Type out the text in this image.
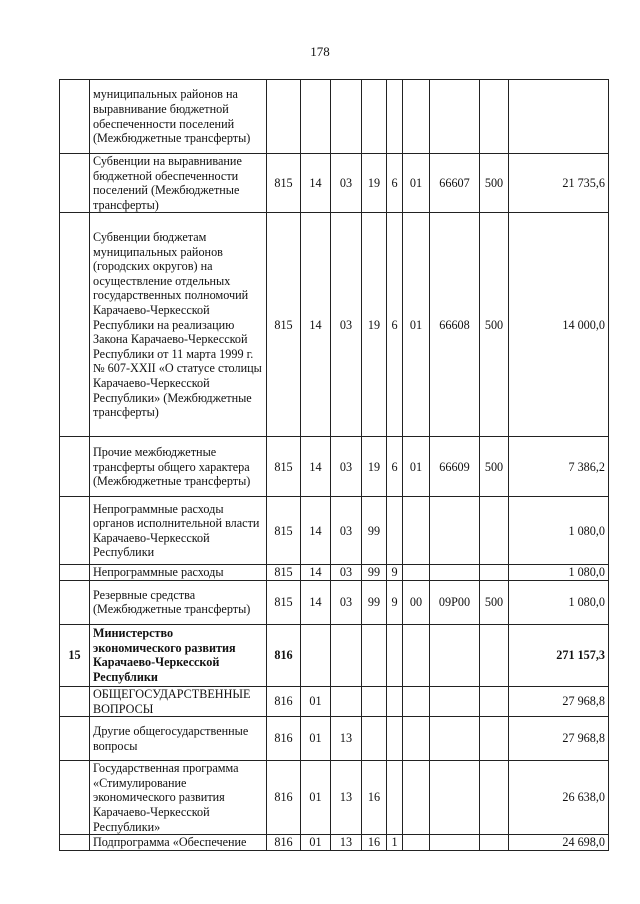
178
	муниципальных районов на выравнивание бюджетной обеспеченности поселений (Межбюджетные трансферты)									
	Субвенции на выравнивание бюджетной обеспеченности поселений (Межбюджетные трансферты)	815	14	03	19	6	01	66607	500	21 735,6
	Субвенции бюджетам муниципальных районов (городских округов) на осуществление отдельных государственных полномочий Карачаево-Черкесской Республики на реализацию Закона Карачаево-Черкесской Республики от 11 марта 1999 г. № 607-XXII «О статусе столицы Карачаево-Черкесской Республики» (Межбюджетные трансферты)	815	14	03	19	6	01	66608	500	14 000,0
	Прочие межбюджетные трансферты общего характера (Межбюджетные трансферты)	815	14	03	19	6	01	66609	500	7 386,2
	Непрограммные расходы органов исполнительной власти Карачаево-Черкесской Республики	815	14	03	99					1 080,0
	Непрограммные расходы	815	14	03	99	9				1 080,0
	Резервные средства (Межбюджетные трансферты)	815	14	03	99	9	00	09Р00	500	1 080,0
15	Министерство экономического развития Карачаево-Черкесской Республики	816								271 157,3
	ОБЩЕГОСУДАРСТВЕННЫЕ ВОПРОСЫ	816	01							27 968,8
	Другие общегосударственные вопросы	816	01	13						27 968,8
	Государственная программа «Стимулирование экономического развития Карачаево-Черкесской Республики»	816	01	13	16					26 638,0
	Подпрограмма «Обеспечение	816	01	13	16	1				24 698,0
